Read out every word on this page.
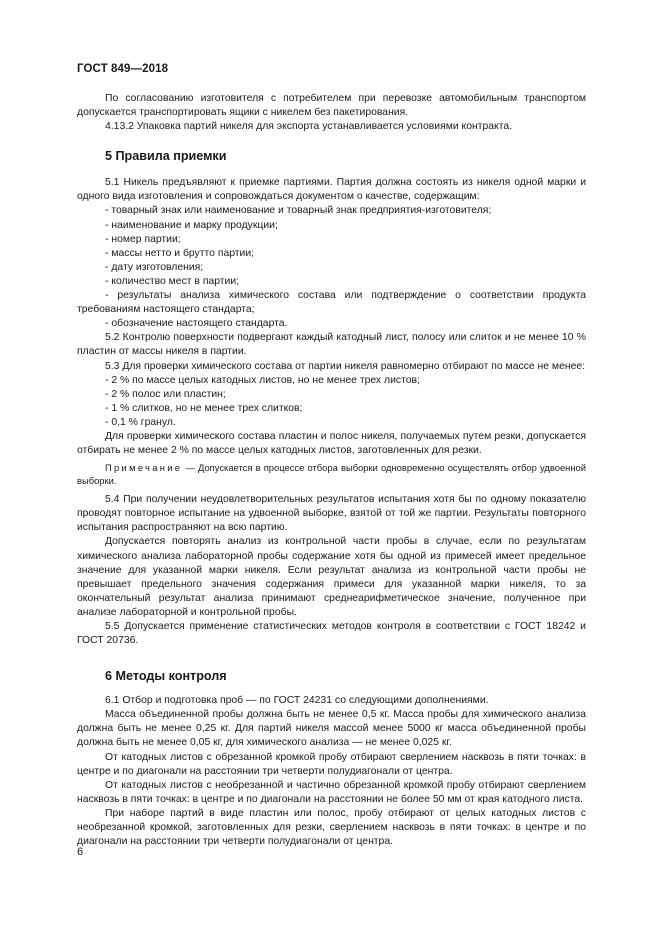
ГОСТ 849—2018

По согласованию изготовителя с потребителем при перевозке автомобильным транспортом допускается транспортировать ящики с никелем без пакетирования.

4.13.2 Упаковка партий никеля для экспорта устанавливается условиями контракта.

5 Правила приемки

5.1 Никель предъявляют к приемке партиями. Партия должна состоять из никеля одной марки и одного вида изготовления и сопровождаться документом о качестве, содержащим:

- товарный знак или наименование и товарный знак предприятия-изготовителя;

- наименование и марку продукции;

- номер партии;

- массы нетто и брутто партии;

- дату изготовления;

- количество мест в партии;

- результаты анализа химического состава или подтверждение о соответствии продукта требованиям настоящего стандарта;

- обозначение настоящего стандарта.

5.2 Контролю поверхности подвергают каждый катодный лист, полосу или слиток и не менее 10 % пластин от массы никеля в партии.

5.3 Для проверки химического состава от партии никеля равномерно отбирают по массе не менее:

- 2 % по массе целых катодных листов, но не менее трех листов;

- 2 % полос или пластин;

- 1 % слитков, но не менее трех слитков;

- 0,1 % гранул.

Для проверки химического состава пластин и полос никеля, получаемых путем резки, допускается отбирать не менее 2 % по массе целых катодных листов, заготовленных для резки.

Примечание — Допускается в процессе отбора выборки одновременно осуществлять отбор удвоенной выборки.

5.4 При получении неудовлетворительных результатов испытания хотя бы по одному показателю проводят повторное испытание на удвоенной выборке, взятой от той же партии. Результаты повторного испытания распространяют на всю партию.

Допускается повторять анализ из контрольной части пробы в случае, если по результатам химического анализа лабораторной пробы содержание хотя бы одной из примесей имеет предельное значение для указанной марки никеля. Если результат анализа из контрольной части пробы не превышает предельного значения содержания примеси для указанной марки никеля, то за окончательный результат анализа принимают среднеарифметическое значение, полученное при анализе лабораторной и контрольной пробы.

5.5 Допускается применение статистических методов контроля в соответствии с ГОСТ 18242 и ГОСТ 20736.

6 Методы контроля

6.1 Отбор и подготовка проб — по ГОСТ 24231 со следующими дополнениями.

Масса объединенной пробы должна быть не менее 0,5 кг. Масса пробы для химического анализа должна быть не менее 0,25 кг. Для партий никеля массой менее 5000 кг масса объединенной пробы должна быть не менее 0,05 кг, для химического анализа — не менее 0,025 кг.

От катодных листов с обрезанной кромкой пробу отбирают сверлением насквозь в пяти точках: в центре и по диагонали на расстоянии три четверти полудиагонали от центра.

От катодных листов с необрезанной и частично обрезанной кромкой пробу отбирают сверлением насквозь в пяти точках: в центре и по диагонали на расстоянии не более 50 мм от края катодного листа.

При наборе партий в виде пластин или полос, пробу отбирают от целых катодных листов с необрезанной кромкой, заготовленных для резки, сверлением насквозь в пяти точках: в центре и по диагонали на расстоянии три четверти полудиагонали от центра.

6
